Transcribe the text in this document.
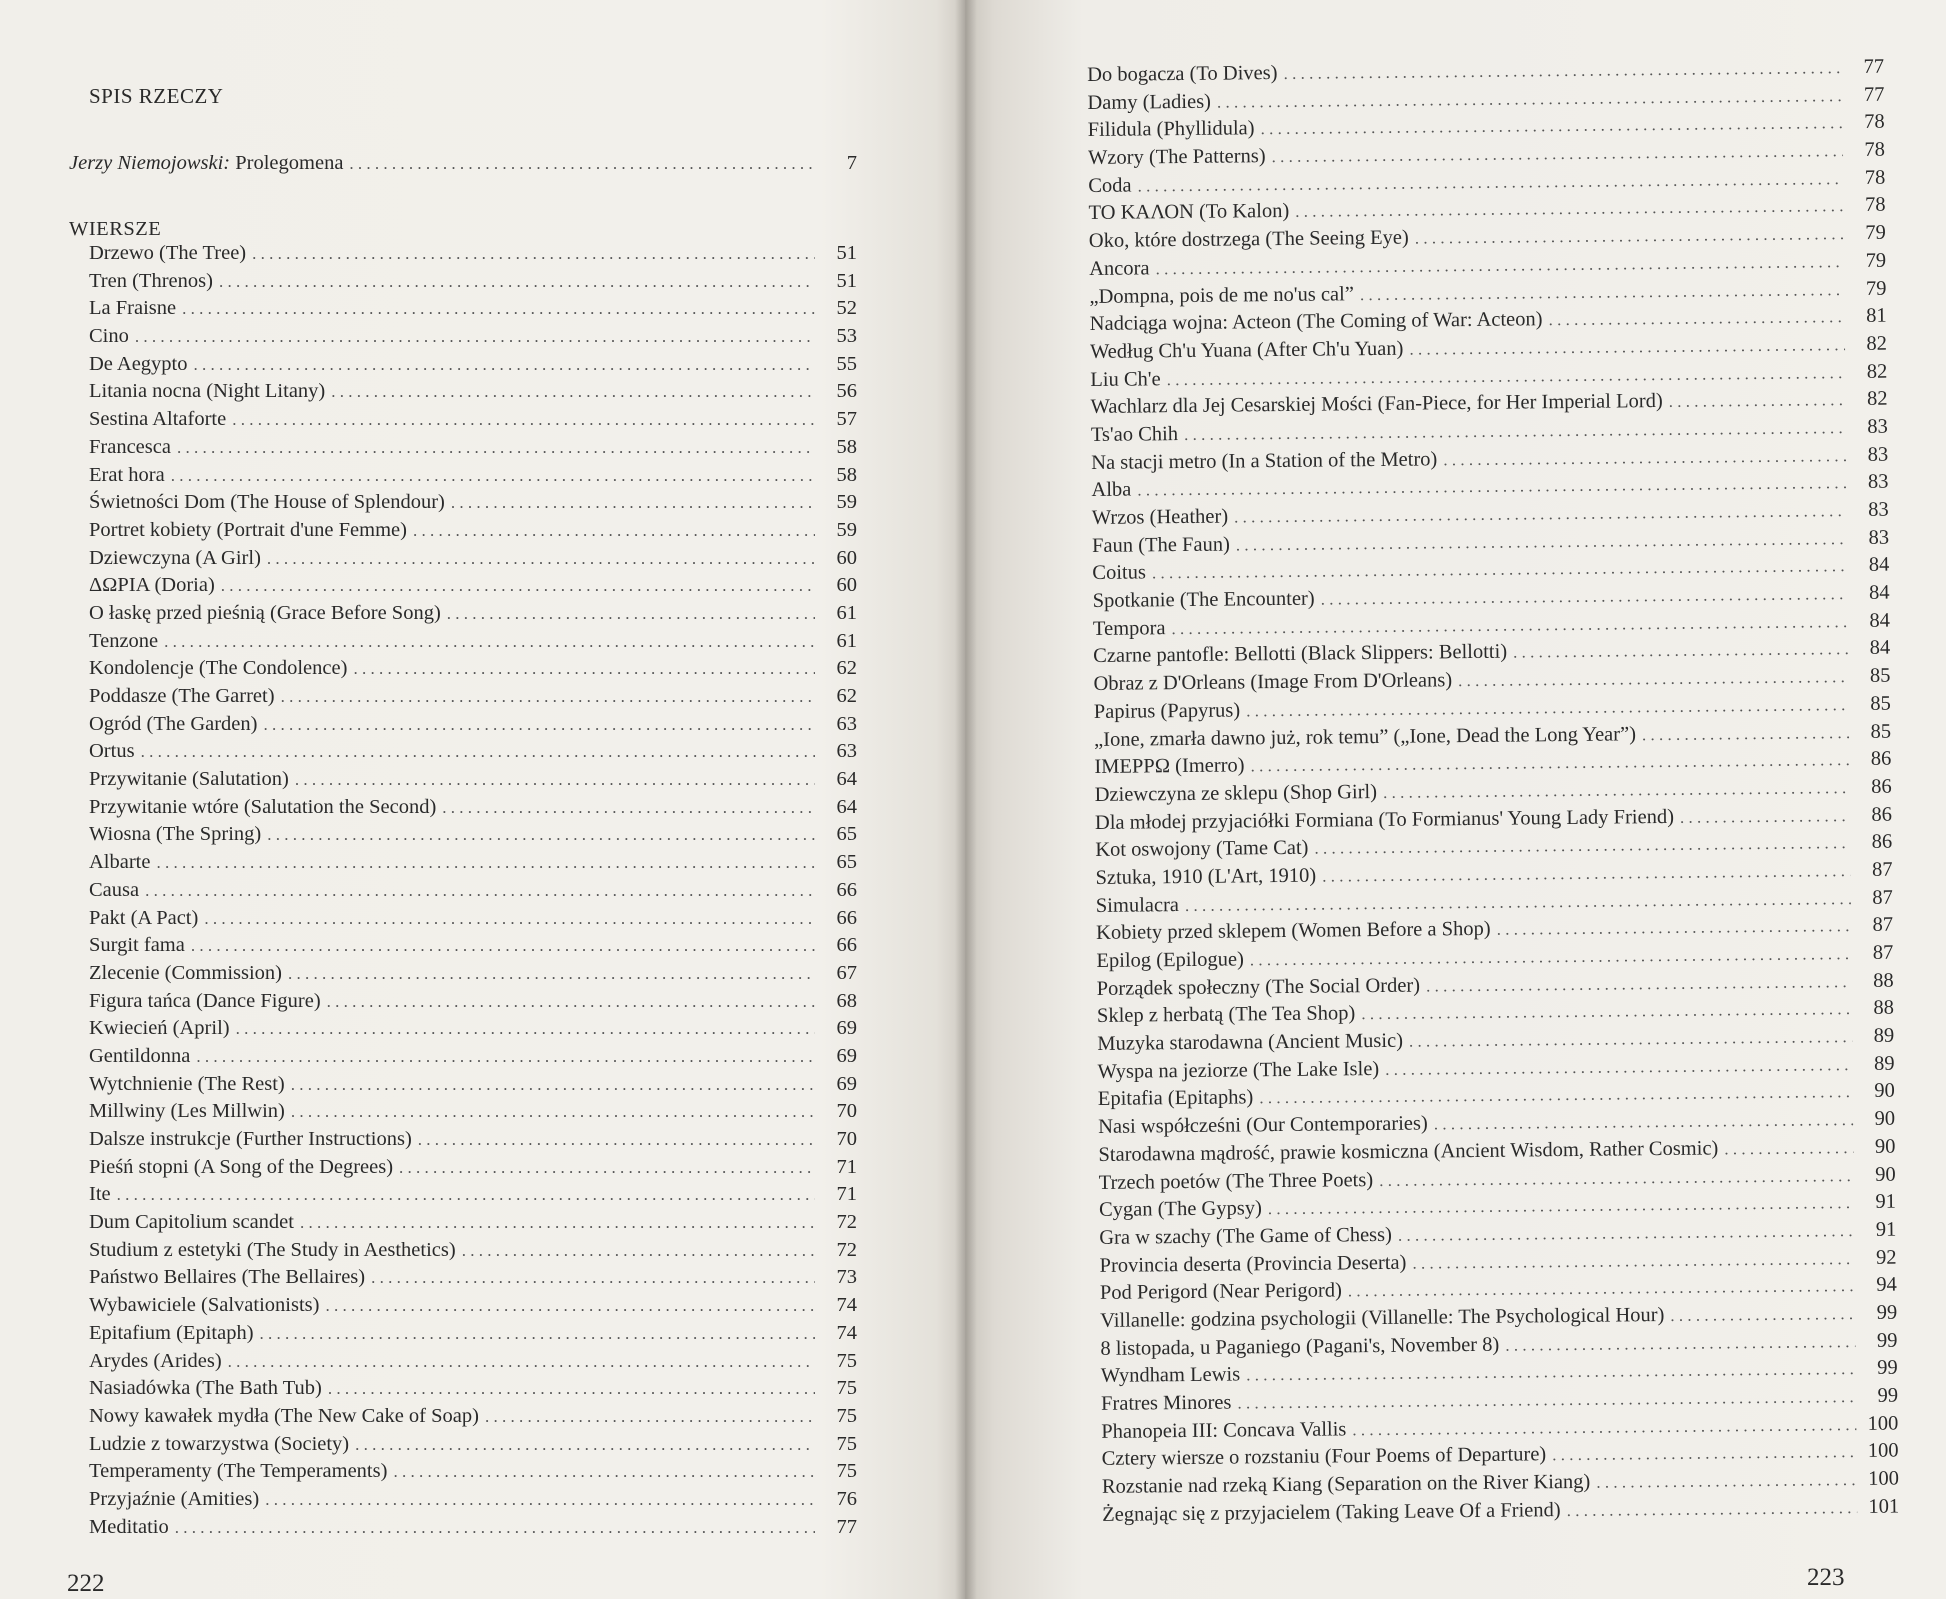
SPIS RZECZY
Jerzy Niemojowski: Prolegomena . . .	7
WIERSZE
Drzewo (The Tree) . . .	51
Tren (Threnos) . . .	51
La Fraisne . . .	52
Cino . . .	53
De Aegypto . . .	55
Litania nocna (Night Litany) . . .	56
Sestina Altaforte . . .	57
Francesca . . .	58
Erat hora . . .	58
Świetności Dom (The House of Splendour) . . .	59
Portret kobiety (Portrait d'une Femme) . . .	59
Dziewczyna (A Girl) . . .	60
ΔΩΡΙΑ (Doria) . . .	60
O łaskę przed pieśnią (Grace Before Song) . . .	61
Tenzone . . .	61
Kondolencje (The Condolence) . . .	62
Poddasze (The Garret) . . .	62
Ogród (The Garden) . . .	63
Ortus . . .	63
Przywitanie (Salutation) . . .	64
Przywitanie wtóre (Salutation the Second) . . .	64
Wiosna (The Spring) . . .	65
Albarte . . .	65
Causa . . .	66
Pakt (A Pact) . . .	66
Surgit fama . . .	66
Zlecenie (Commission) . . .	67
Figura tańca (Dance Figure) . . .	68
Kwiecień (April) . . .	69
Gentildonna . . .	69
Wytchnienie (The Rest) . . .	69
Millwiny (Les Millwin) . . .	70
Dalsze instrukcje (Further Instructions) . . .	70
Pieśń stopni (A Song of the Degrees) . . .	71
Ite . . .	71
Dum Capitolium scandet . . .	72
Studium z estetyki (The Study in Aesthetics) . . .	72
Państwo Bellaires (The Bellaires) . . .	73
Wybawiciele (Salvationists) . . .	74
Epitafium (Epitaph) . . .	74
Arydes (Arides) . . .	75
Nasiadówka (The Bath Tub) . . .	75
Nowy kawałek mydła (The New Cake of Soap) . . .	75
Ludzie z towarzystwa (Society) . . .	75
Temperamenty (The Temperaments) . . .	75
Przyjaźnie (Amities) . . .	76
Meditatio . . .	77
222	223
Do bogacza (To Dives) . . .	77
Damy (Ladies) . . .	77
Filidula (Phyllidula) . . .	78
Wzory (The Patterns) . . .	78
Coda . . .	78
ΤΟ ΚΑΛΟΝ (To Kalon) . . .	78
Oko, które dostrzega (The Seeing Eye) . . .	79
Ancora . . .	79
„Dompna, pois de me no'us cal” . . .	79
Nadciąga wojna: Acteon (The Coming of War: Acteon) . . .	81
Według Ch'u Yuana (After Ch'u Yuan) . . .	82
Liu Ch'e . . .	82
Wachlarz dla Jej Cesarskiej Mości (Fan-Piece, for Her Imperial Lord) . . .	82
Ts'ao Chih . . .	83
Na stacji metro (In a Station of the Metro) . . .	83
Alba . . .	83
Wrzos (Heather) . . .	83
Faun (The Faun) . . .	83
Coitus . . .	84
Spotkanie (The Encounter) . . .	84
Tempora . . .	84
Czarne pantofle: Bellotti (Black Slippers: Bellotti) . . .	84
Obraz z D'Orleans (Image From D'Orleans) . . .	85
Papirus (Papyrus) . . .	85
„Ione, zmarła dawno już, rok temu” („Ione, Dead the Long Year”) . . .	85
ΙΜΕΡΡΩ (Imerro) . . .	86
Dziewczyna ze sklepu (Shop Girl) . . .	86
Dla młodej przyjaciółki Formiana (To Formianus' Young Lady Friend) . . .	86
Kot oswojony (Tame Cat) . . .	86
Sztuka, 1910 (L'Art, 1910) . . .	87
Simulacra . . .	87
Kobiety przed sklepem (Women Before a Shop) . . .	87
Epilog (Epilogue) . . .	87
Porządek społeczny (The Social Order) . . .	88
Sklep z herbatą (The Tea Shop) . . .	88
Muzyka starodawna (Ancient Music) . . .	89
Wyspa na jeziorze (The Lake Isle) . . .	89
Epitafia (Epitaphs) . . .	90
Nasi współcześni (Our Contemporaries) . . .	90
Starodawna mądrość, prawie kosmiczna (Ancient Wisdom, Rather Cosmic) . . .	90
Trzech poetów (The Three Poets) . . .	90
Cygan (The Gypsy) . . .	91
Gra w szachy (The Game of Chess) . . .	91
Provincia deserta (Provincia Deserta) . . .	92
Pod Perigord (Near Perigord) . . .	94
Villanelle: godzina psychologii (Villanelle: The Psychological Hour) . . .	99
8 listopada, u Paganiego (Pagani's, November 8) . . .	99
Wyndham Lewis . . .	99
Fratres Minores . . .	99
Phanopeia III: Concava Vallis . . .	100
Cztery wiersze o rozstaniu (Four Poems of Departure) . . .	100
Rozstanie nad rzeką Kiang (Separation on the River Kiang) . . .	100
Żegnając się z przyjacielem (Taking Leave Of a Friend) . . .	101
